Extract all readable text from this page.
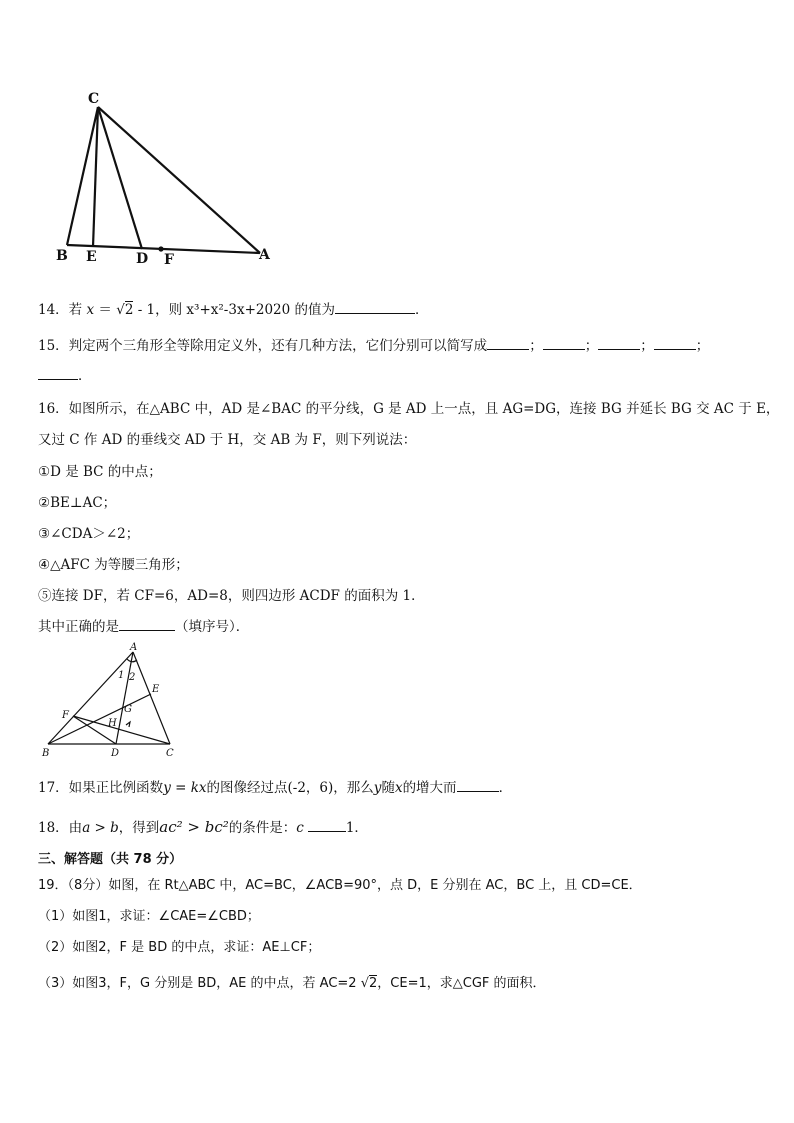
C
B E	D F	A
14．若 x ＝ √2 - 1，则 x³+x²-3x+2020 的值为	．
15．判定两个三角形全等除用定义外，还有几种方法，它们分别可以简写成	；	；	；	；
．
16．如图所示，在△ABC 中，AD 是∠BAC 的平分线，G 是 AD 上一点，且 AG=DG，连接 BG 并延长 BG 交 AC 于 E，
又过 C 作 AD 的垂线交 AD 于 H，交 AB 为 F，则下列说法：
①D 是 BC 的中点；
②BE⊥AC；
③∠CDA＞∠2；
④△AFC 为等腰三角形；
⑤连接 DF，若 CF=6，AD=8，则四边形 ACDF 的面积为 1．
其中正确的是	（填序号）．
A
B	C
D
E
F
G
H
1 2
17．如果正比例函数y = kx的图像经过点(-2，6)，那么y随x的增大而	．
18．由a > b，得到ac² > bc²的条件是：c	1．
三、解答题（共 78 分）
19．（8分）如图，在 Rt△ABC 中，AC=BC，∠ACB=90°，点 D，E 分别在 AC，BC 上，且 CD=CE．
（1）如图1，求证：∠CAE=∠CBD；
（2）如图2，F 是 BD 的中点，求证：AE⊥CF；
（3）如图3，F，G 分别是 BD，AE 的中点，若 AC=2 √2，CE=1，求△CGF 的面积．
